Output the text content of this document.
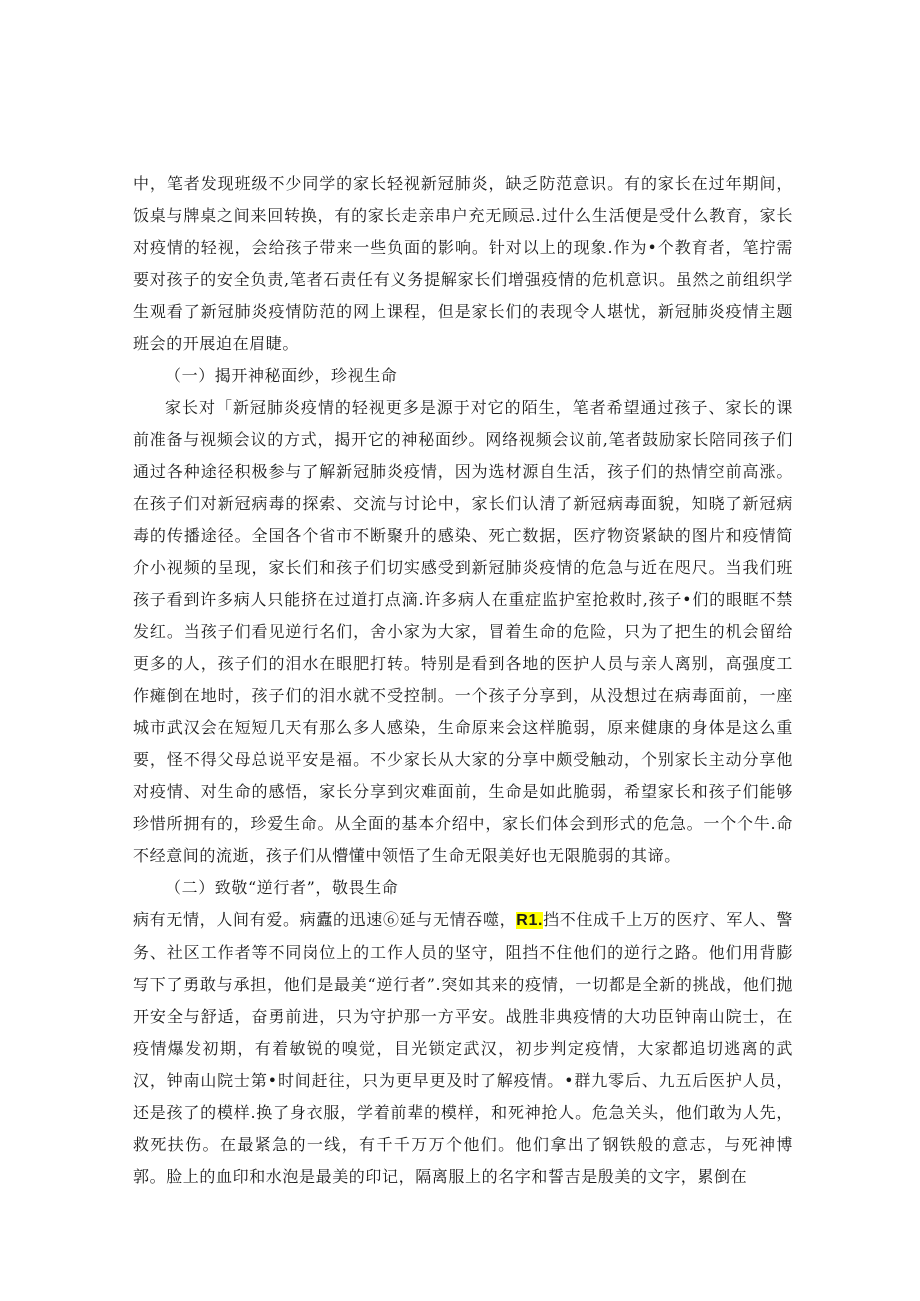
中，笔者发现班级不少同学的家长轻视新冠肺炎，缺乏防范意识。有的家长在过年期间，饭桌与牌桌之间来回转换，有的家长走亲串户充无顾忌.过什么生活便是受什么教育，家长对疫情的轻视，会给孩子带来一些负面的影响。针对以上的现象.作为•个教育者，笔拧需要对孩子的安全负责,笔者石责任有义务提解家长们增强疫情的危机意识。虽然之前组织学生观看了新冠肺炎疫情防范的网上课程，但是家长们的表现令人堪忧，新冠肺炎疫情主题班会的开展迫在眉睫。

（一）揭开神秘面纱，珍视生命

家长对「新冠肺炎疫情的轻视更多是源于对它的陌生，笔者希望通过孩子、家长的课前准备与视频会议的方式，揭开它的神秘面纱。网络视频会议前,笔者鼓励家长陪同孩子们通过各种途径积极参与了解新冠肺炎疫情，因为选材源自生活，孩子们的热情空前高涨。在孩子们对新冠病毒的探索、交流与讨论中，家长们认清了新冠病毒面貌，知晓了新冠病毒的传播途径。全国各个省市不断聚升的感染、死亡数据，医疗物资紧缺的图片和疫情简介小视频的呈现，家长们和孩子们切实感受到新冠肺炎疫情的危急与近在咫尺。当我们班孩子看到许多病人只能挤在过道打点滴.许多病人在重症监护室抢救时,孩子•们的眼眶不禁发红。当孩子们看见逆行名们，舍小家为大家，冒着生命的危险，只为了把生的机会留给更多的人，孩子们的泪水在眼肥打转。特别是看到各地的医护人员与亲人离别，高强度工作瘫倒在地时，孩子们的泪水就不受控制。一个孩子分享到，从没想过在病毒面前，一座城市武汉会在短短几天有那么多人感染，生命原来会这样脆弱，原来健康的身体是这么重要，怪不得父母总说平安是福。不少家长从大家的分享中颇受触动，个别家长主动分享他对疫情、对生命的感悟，家长分享到灾难面前，生命是如此脆弱，希望家长和孩子们能够珍惜所拥有的，珍爱生命。从全面的基本介绍中，家长们体会到形式的危急。一个个牛.命不经意间的流逝，孩子们从懵懂中领悟了生命无限美好也无限脆弱的其谛。

（二）致敬“逆行者”，敬畏生命

病有无情，人间有爱。病蠹的迅速⑥延与无情吞噬，R1.挡不住成千上万的医疗、军人、警务、社区工作者等不同岗位上的工作人员的坚守，阻挡不住他们的逆行之路。他们用背膨写下了勇敢与承担，他们是最美“逆行者”.突如其来的疫情，一切都是全新的挑战，他们抛开安全与舒适，奋勇前进，只为守护那一方平安。战胜非典疫情的大功臣钟南山院士，在疫情爆发初期，有着敏锐的嗅觉，目光锁定武汉，初步判定疫情，大家都追切逃离的武汉，钟南山院士第•时间赶往，只为更早更及时了解疫情。•群九零后、九五后医护人员，还是孩了的模样.换了身衣服，学着前辈的模样，和死神抢人。危急关头，他们敢为人先，救死扶伤。在最紧急的一线，有千千万万个他们。他们拿出了钢铁般的意志，与死神博郭。脸上的血印和水泡是最美的印记，隔离服上的名字和誓吉是殷美的文字，累倒在
